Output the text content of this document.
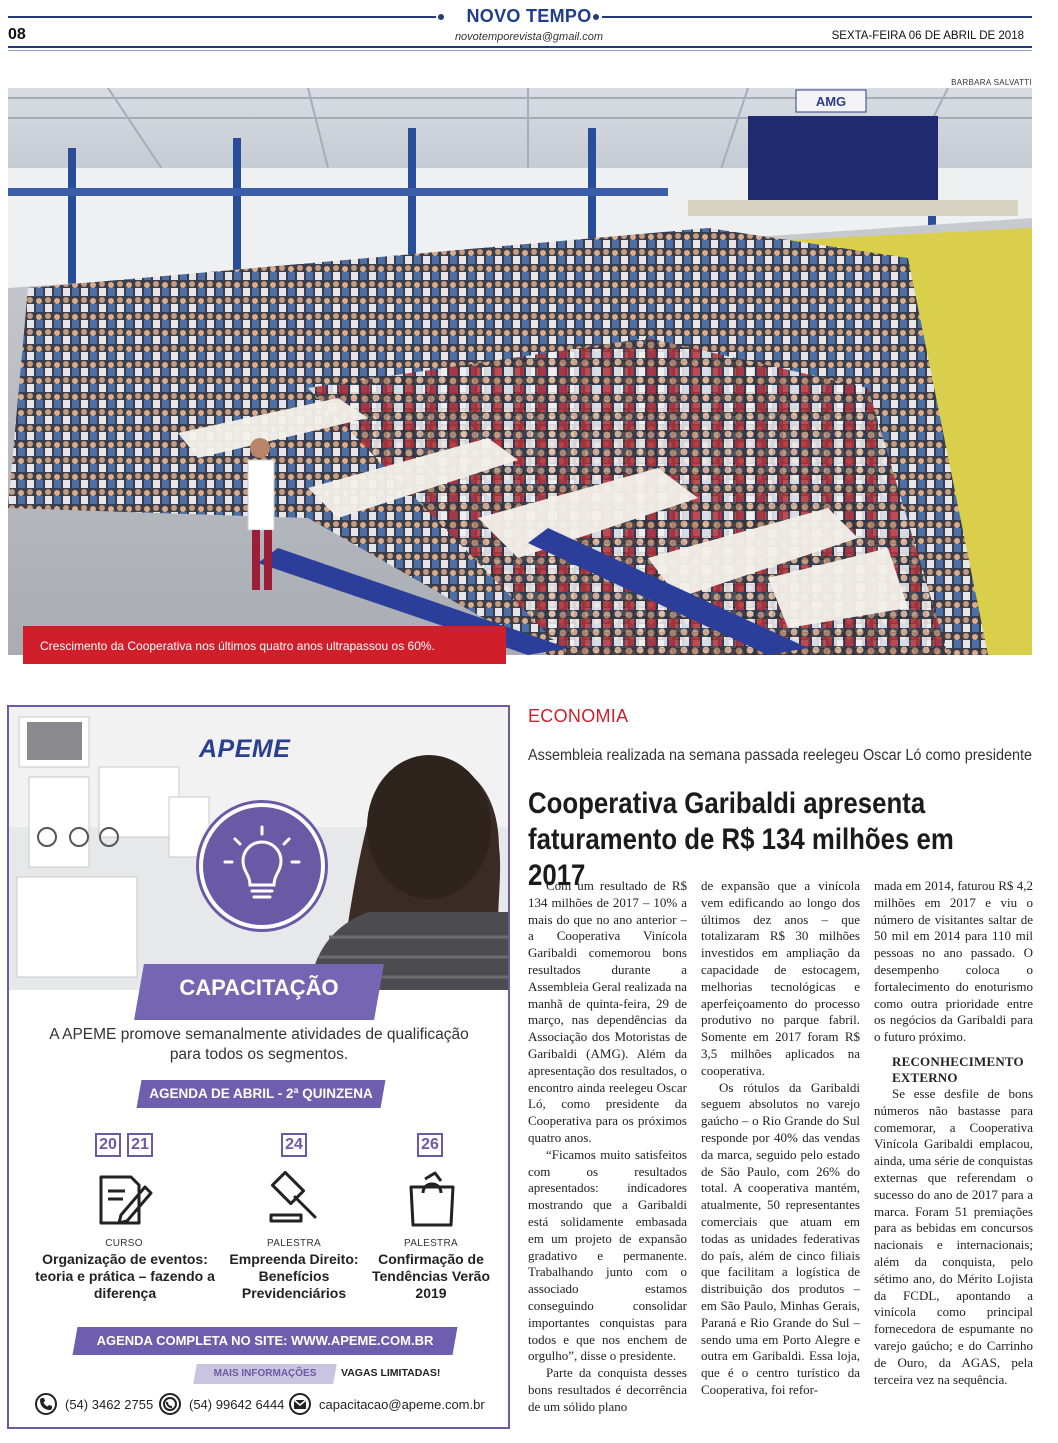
NOVO TEMPO
novotemporevista@gmail.com
08	SEXTA-FEIRA 06 DE ABRIL DE 2018
BARBARA SALVATTI
AMG
Crescimento da Cooperativa nos últimos quatro anos ultrapassou os 60%.
APEME
CAPACITAÇÃO
A APEME promove semanalmente atividades de qualificação para todos os segmentos.
AGENDA DE ABRIL - 2ª QUINZENA
20 21
CURSO
Organização de eventos: teoria e prática – fazendo a diferença
24
PALESTRA
Empreenda Direito: Benefícios Previdenciários
26
PALESTRA
Confirmação de Tendências Verão 2019
AGENDA COMPLETA NO SITE: WWW.APEME.COM.BR
MAIS INFORMAÇÕES	VAGAS LIMITADAS!
(54) 3462 2755	(54) 99642 6444	capacitacao@apeme.com.br
ECONOMIA
Assembleia realizada na semana passada reelegeu Oscar Ló como presidente
Cooperativa Garibaldi apresenta faturamento de R$ 134 milhões em 2017

Com um resultado de R$ 134 milhões de 2017 – 10% a mais do que no ano anterior – a Cooperativa Vinícola Garibaldi comemorou bons resultados durante a Assembleia Geral realizada na manhã de quinta-feira, 29 de março, nas dependências da Associação dos Motoristas de Garibaldi (AMG). Além da apresentação dos resultados, o encontro ainda reelegeu Oscar Ló, como presidente da Cooperativa para os próximos quatro anos.

“Ficamos muito satisfeitos com os resultados apresentados: indicadores mostrando que a Garibaldi está solidamente embasada em um projeto de expansão gradativo e permanente. Trabalhando junto com o associado estamos conseguindo consolidar importantes conquistas para todos e que nos enchem de orgulho”, disse o presidente.

Parte da conquista desses bons resultados é decorrência de um sólido plano

de expansão que a vinícola vem edificando ao longo dos últimos dez anos – que totalizaram R$ 30 milhões investidos em ampliação da capacidade de estocagem, melhorias tecnológicas e aperfeiçoamento do processo produtivo no parque fabril. Somente em 2017 foram R$ 3,5 milhões aplicados na cooperativa.

Os rótulos da Garibaldi seguem absolutos no varejo gaúcho – o Rio Grande do Sul responde por 40% das vendas da marca, seguido pelo estado de São Paulo, com 26% do total. A cooperativa mantém, atualmente, 50 representantes comerciais que atuam em todas as unidades federativas do país, além de cinco filiais que facilitam a logística de distribuição dos produtos – em São Paulo, Minhas Gerais, Paraná e Rio Grande do Sul – sendo uma em Porto Alegre e outra em Garibaldi. Essa loja, que é o centro turístico da Cooperativa, foi refor-

mada em 2014, faturou R$ 4,2 milhões em 2017 e viu o número de visitantes saltar de 50 mil em 2014 para 110 mil pessoas no ano passado. O desempenho coloca o fortalecimento do enoturismo como outra prioridade entre os negócios da Garibaldi para o futuro próximo.

RECONHECIMENTO EXTERNO

Se esse desfile de bons números não bastasse para comemorar, a Cooperativa Vinícola Garibaldi emplacou, ainda, uma série de conquistas externas que referendam o sucesso do ano de 2017 para a marca. Foram 51 premiações para as bebidas em concursos nacionais e internacionais; além da conquista, pelo sétimo ano, do Mérito Lojista da FCDL, apontando a vinícola como principal fornecedora de espumante no varejo gaúcho; e do Carrinho de Ouro, da AGAS, pela terceira vez na sequência.
